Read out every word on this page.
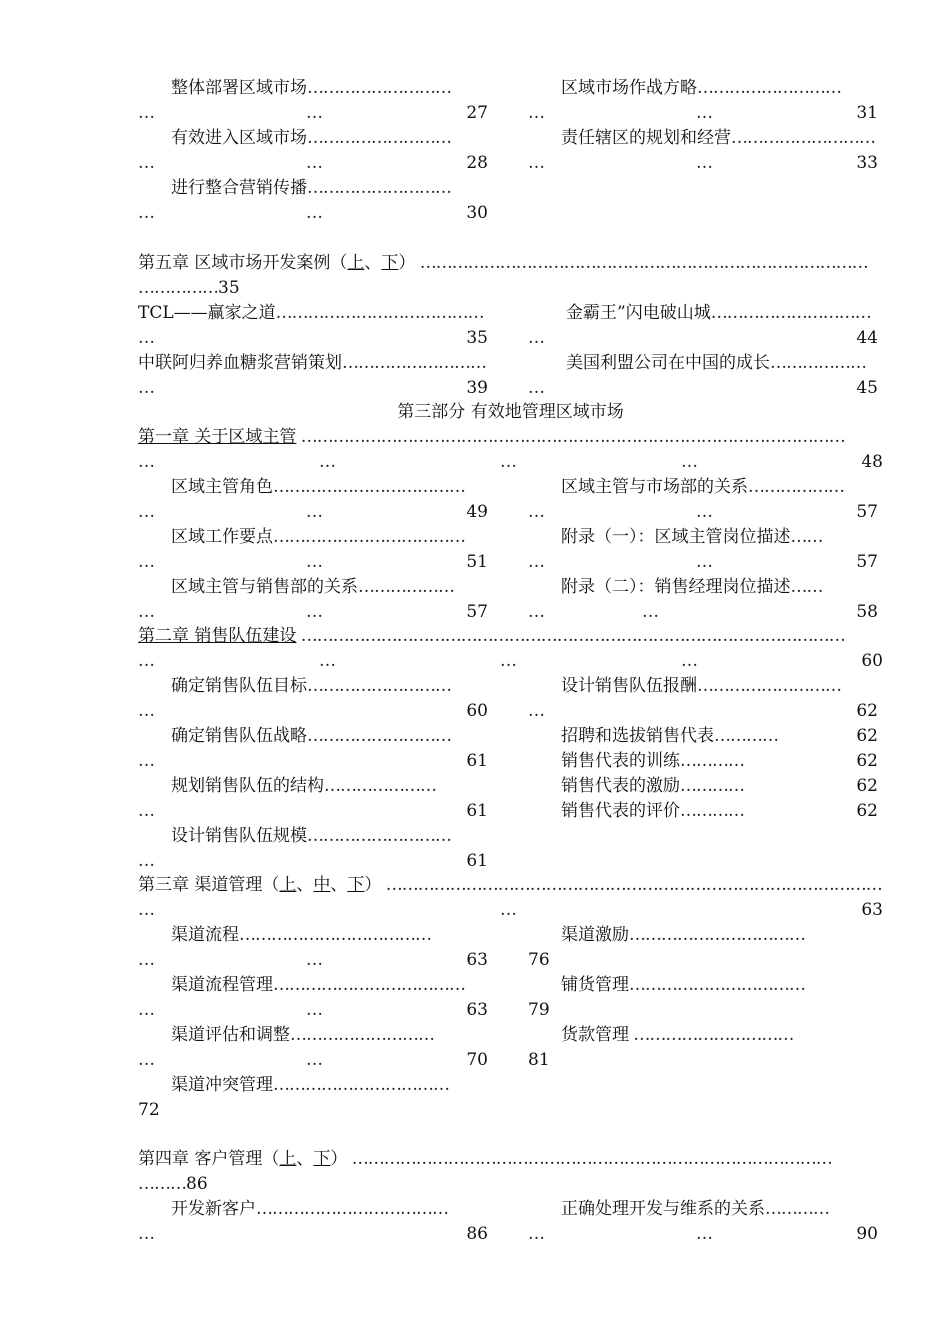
整体部署区域市场………………………
…	…	27
有效进入区域市场………………………
…	…	28
进行整合营销传播………………………
…	…	30
区域市场作战方略………………………
…	…	31
责任辖区的规划和经营………………………
…	…	33
第五章 区域市场开发案例（上、下） …………………………………………………………………………
……………35
TCL——赢家之道…………………………………
…	35
中联阿归养血糖浆营销策划………………………
…	39
金霸王”闪电破山城…………………………
…	44
美国利盟公司在中国的成长………………
…	45
第三部分 有效地管理区域市场
第一章 关于区域主管 …………………………………………………………………………………………
…	…	…	…	48
区域主管角色………………………………
…	…	49
区域工作要点………………………………
…	…	51
区域主管与销售部的关系………………
…	…	57
区域主管与市场部的关系………………
…	…	57
附录（一）：区域主管岗位描述……
…	…	57
附录（二）：销售经理岗位描述……
…	…	58
第二章 销售队伍建设 …………………………………………………………………………………………
…	…	…	…	60
确定销售队伍目标………………………
…	60
确定销售队伍战略………………………
…	61
规划销售队伍的结构…………………
…	61
设计销售队伍规模………………………
…	61
设计销售队伍报酬………………………
…	62
招聘和选拔销售代表…………	62
销售代表的训练…………	62
销售代表的激励…………	62
销售代表的评价…………	62
第三章 渠道管理（上、中、下） …………………………………………………………………………………
…	…	63
渠道流程………………………………
…	…	63
渠道流程管理………………………………
…	…	63
渠道评估和调整………………………
…	…	70
渠道冲突管理……………………………
72
渠道激励……………………………
76
铺货管理……………………………
79
货款管理 …………………………
81
第四章 客户管理（上、下） ………………………………………………………………………………
………86
开发新客户………………………………
…	86
正确处理开发与维系的关系…………
…	…	90
